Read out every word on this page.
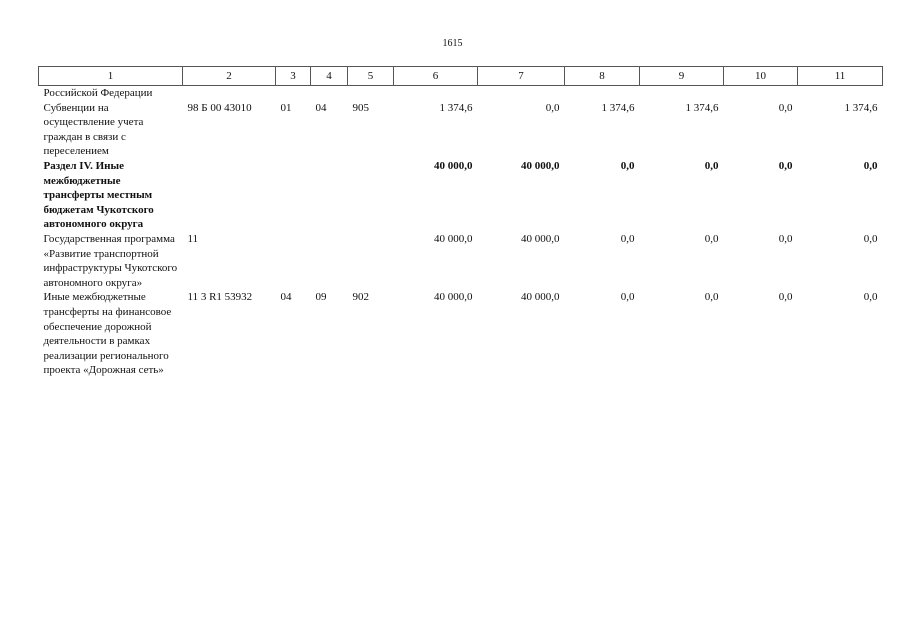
1615
1	2	3	4	5	6	7	8	9	10	11
Российской Федерации										
Субвенции на осуществление учета граждан в связи с переселением	98 Б 00 43010	01	04	905	1 374,6	0,0	1 374,6	1 374,6	0,0	1 374,6
Раздел IV. Иные межбюджетные трансферты местным бюджетам Чукотского автономного округа					40 000,0	40 000,0	0,0	0,0	0,0	0,0
Государственная программа «Развитие транспортной инфраструктуры Чукотского автономного округа»	11				40 000,0	40 000,0	0,0	0,0	0,0	0,0
Иные межбюджетные трансферты на финансовое обеспечение дорожной деятельности в рамках реализации регионального проекта «Дорожная сеть»	11 3 R1 53932	04	09	902	40 000,0	40 000,0	0,0	0,0	0,0	0,0
